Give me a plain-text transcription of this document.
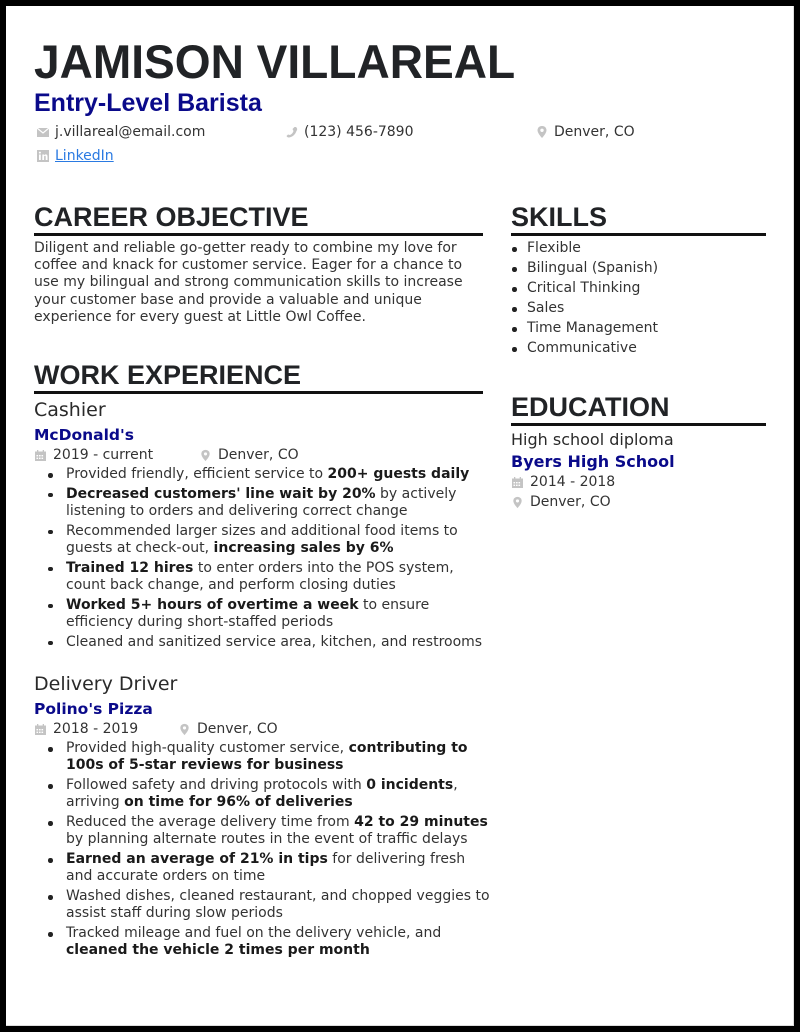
JAMISON VILLAREAL
Entry-Level Barista
j.villareal@email.com	(123) 456-7890	Denver, CO
LinkedIn
CAREER OBJECTIVE
Diligent and reliable go-getter ready to combine my love for coffee and knack for customer service. Eager for a chance to use my bilingual and strong communication skills to increase your customer base and provide a valuable and unique experience for every guest at Little Owl Coffee.
WORK EXPERIENCE
Cashier
McDonald's
2019 - current	Denver, CO
Provided friendly, efficient service to 200+ guests daily
Decreased customers' line wait by 20% by actively listening to orders and delivering correct change
Recommended larger sizes and additional food items to guests at check-out, increasing sales by 6%
Trained 12 hires to enter orders into the POS system, count back change, and perform closing duties
Worked 5+ hours of overtime a week to ensure efficiency during short-staffed periods
Cleaned and sanitized service area, kitchen, and restrooms
Delivery Driver
Polino's Pizza
2018 - 2019	Denver, CO
Provided high-quality customer service, contributing to 100s of 5-star reviews for business
Followed safety and driving protocols with 0 incidents, arriving on time for 96% of deliveries
Reduced the average delivery time from 42 to 29 minutes by planning alternate routes in the event of traffic delays
Earned an average of 21% in tips for delivering fresh and accurate orders on time
Washed dishes, cleaned restaurant, and chopped veggies to assist staff during slow periods
Tracked mileage and fuel on the delivery vehicle, and cleaned the vehicle 2 times per month
SKILLS
Flexible
Bilingual (Spanish)
Critical Thinking
Sales
Time Management
Communicative
EDUCATION
High school diploma
Byers High School
2014 - 2018
Denver, CO
